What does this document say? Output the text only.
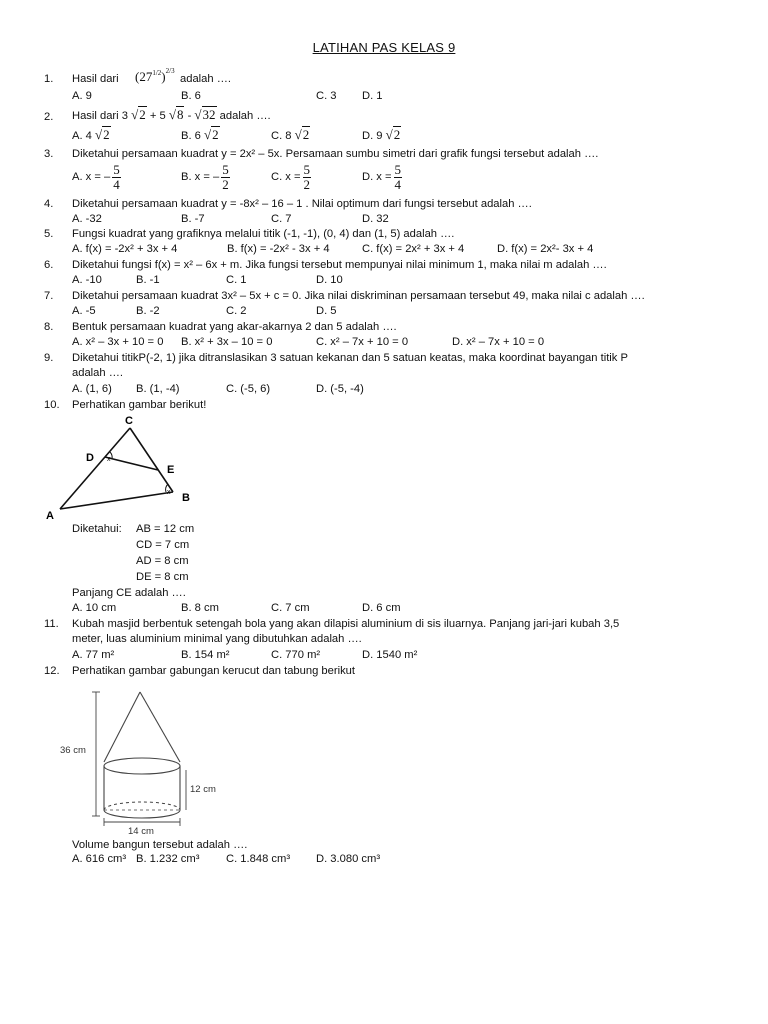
LATIHAN PAS KELAS 9
1. Hasil dari $(27^{1/2})^{2/3}$
adalah ….
A. 9	B. 6	C. 3 D. 1
2. Hasil dari 3 √2 + 5 √8 - √32 adalah ….
A. 4 √2	B. 6 √2	C. 8 √2	D. 9 √2
3. Diketahui persamaan kuadrat y = 2x² – 5x. Persamaan sumbu simetri dari grafik fungsi tersebut adalah ….
A. x = – $\frac{5}{4}$	B. x = – $\frac{5}{2}$	C. $x = \frac{5}{2}$	D. $x = \frac{5}{4}$
4. Diketahui persamaan kuadrat y = -8x² – 16 – 1 . Nilai optimum dari fungsi tersebut adalah ….
A. -32	B. -7	C. 7	D. 32
5. Fungsi kuadrat yang grafiknya melalui titik (-1, -1), (0, 4) dan (1, 5) adalah ….
A. f(x) = -2x² + 3x + 4	B. f(x) = -2x² - 3x + 4	C. f(x) = 2x² + 3x + 4	D. f(x) = 2x²- 3x + 4
6. Diketahui fungsi f(x) = x² – 6x + m. Jika fungsi tersebut mempunyai nilai minimum 1, maka nilai m adalah ….
A. -10	B. -1	C. 1	D. 10
7. Diketahui persamaan kuadrat 3x² – 5x + c = 0. Jika nilai diskriminan persamaan tersebut 49, maka nilai c adalah ….
A. -5	B. -2	C. 2	D. 5
8. Bentuk persamaan kuadrat yang akar-akarnya 2 dan 5 adalah ….
A. x² – 3x + 10 = 0 B. x² + 3x – 10 = 0	C. x² – 7x + 10 = 0	D. x² – 7x + 10 = 0
9. Diketahui titikP(-2, 1) jika ditranslasikan 3 satuan kekanan dan 5 satuan keatas, maka koordinat bayangan titik P
adalah ….
A. (1, 6) B. (1, -4)	C. (-5, 6)	D. (-5, -4)
10. Perhatikan gambar berikut!
C
D
E
B
A
x
x
Diketahui: AB = 12 cm
CD = 7 cm
AD = 8 cm
DE = 8 cm
Panjang CE adalah ….
A. 10 cm	B. 8 cm	C. 7 cm	D. 6 cm
11. Kubah masjid berbentuk setengah bola yang akan dilapisi aluminium di sis iluarnya. Panjang jari-jari kubah 3,5
meter, luas aluminium minimal yang dibutuhkan adalah ….
A. 77 m²	B. 154 m²	C. 770 m²	D. 1540 m²
12. Perhatikan gambar gabungan kerucut dan tabung berikut
36 cm
12 cm
14 cm
Volume bangun tersebut adalah ….
A. 616 cm³ B. 1.232 cm³ C. 1.848 cm³ D. 3.080 cm³
